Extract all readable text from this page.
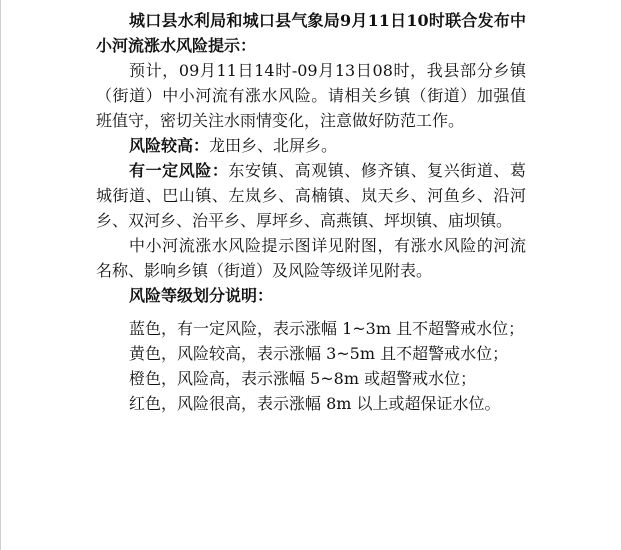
城口县水利局和城口县气象局9月11日10时联合发布中小河流涨水风险提示：

预计，09月11日14时-09月13日08时，我县部分乡镇（街道）中小河流有涨水风险。请相关乡镇（街道）加强值班值守，密切关注水雨情变化，注意做好防范工作。

风险较高：龙田乡、北屏乡。

有一定风险：东安镇、高观镇、修齐镇、复兴街道、葛城街道、巴山镇、左岚乡、高楠镇、岚天乡、河鱼乡、沿河乡、双河乡、治平乡、厚坪乡、高燕镇、坪坝镇、庙坝镇。

中小河流涨水风险提示图详见附图，有涨水风险的河流名称、影响乡镇（街道）及风险等级详见附表。

风险等级划分说明：

蓝色，有一定风险，表示涨幅 1~3m 且不超警戒水位；

黄色，风险较高，表示涨幅 3~5m 且不超警戒水位；

橙色，风险高，表示涨幅 5~8m 或超警戒水位；

红色，风险很高，表示涨幅 8m 以上或超保证水位。
